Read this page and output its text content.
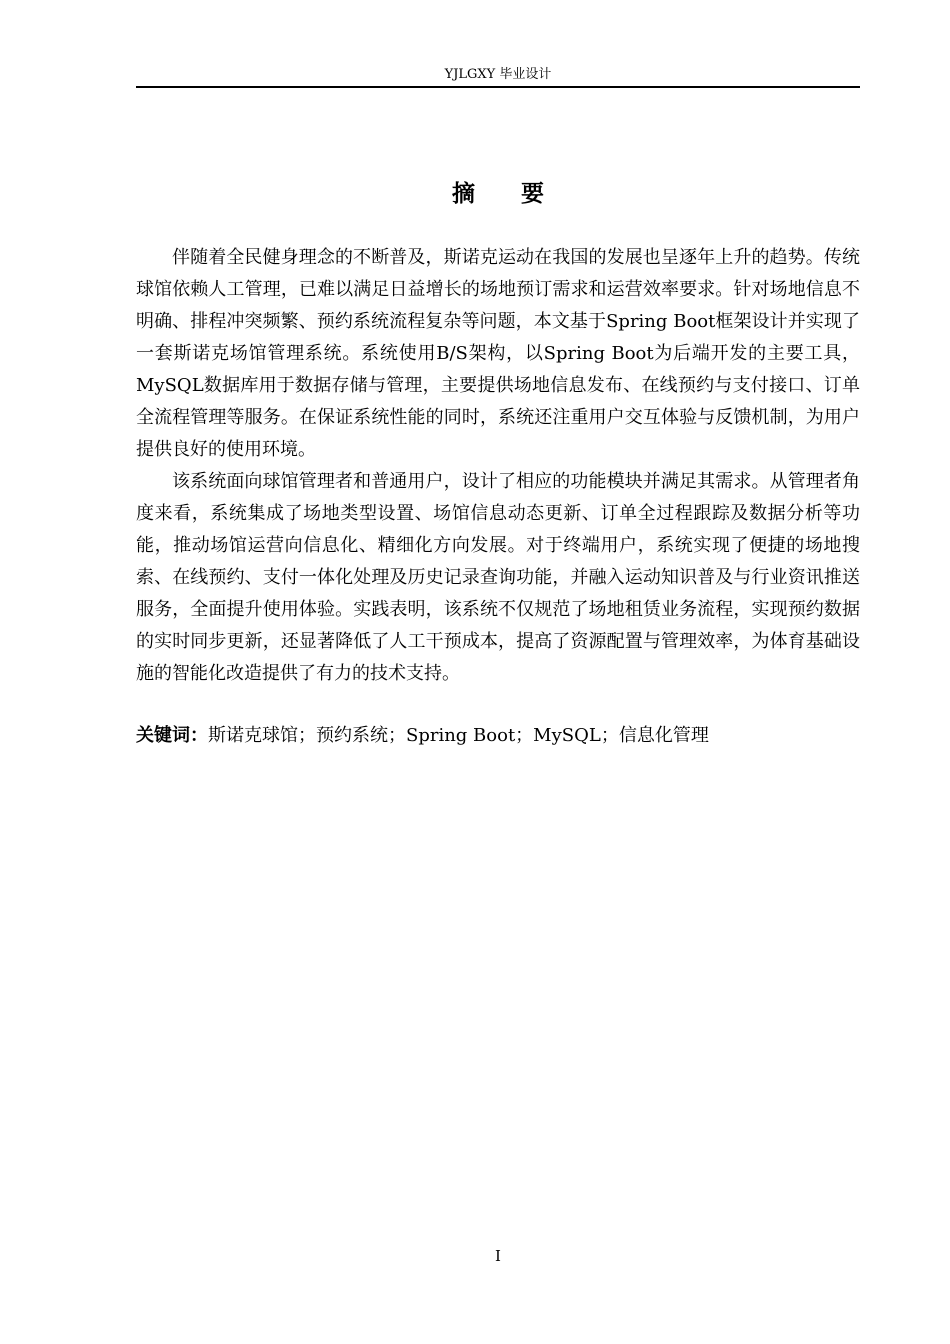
YJLGXY 毕业设计
摘要

伴随着全民健身理念的不断普及，斯诺克运动在我国的发展也呈逐年上升的趋势。传统球馆依赖人工管理，已难以满足日益增长的场地预订需求和运营效率要求。针对场地信息不明确、排程冲突频繁、预约系统流程复杂等问题，本文基于Spring Boot框架设计并实现了一套斯诺克场馆管理系统。系统使用B/S架构，以Spring Boot为后端开发的主要工具，MySQL数据库用于数据存储与管理，主要提供场地信息发布、在线预约与支付接口、订单全流程管理等服务。在保证系统性能的同时，系统还注重用户交互体验与反馈机制，为用户提供良好的使用环境。

该系统面向球馆管理者和普通用户，设计了相应的功能模块并满足其需求。从管理者角度来看，系统集成了场地类型设置、场馆信息动态更新、订单全过程跟踪及数据分析等功能，推动场馆运营向信息化、精细化方向发展。对于终端用户，系统实现了便捷的场地搜索、在线预约、支付一体化处理及历史记录查询功能，并融入运动知识普及与行业资讯推送服务，全面提升使用体验。实践表明，该系统不仅规范了场地租赁业务流程，实现预约数据的实时同步更新，还显著降低了人工干预成本，提高了资源配置与管理效率，为体育基础设施的智能化改造提供了有力的技术支持。

关键词：斯诺克球馆；预约系统；Spring Boot；MySQL；信息化管理
I
